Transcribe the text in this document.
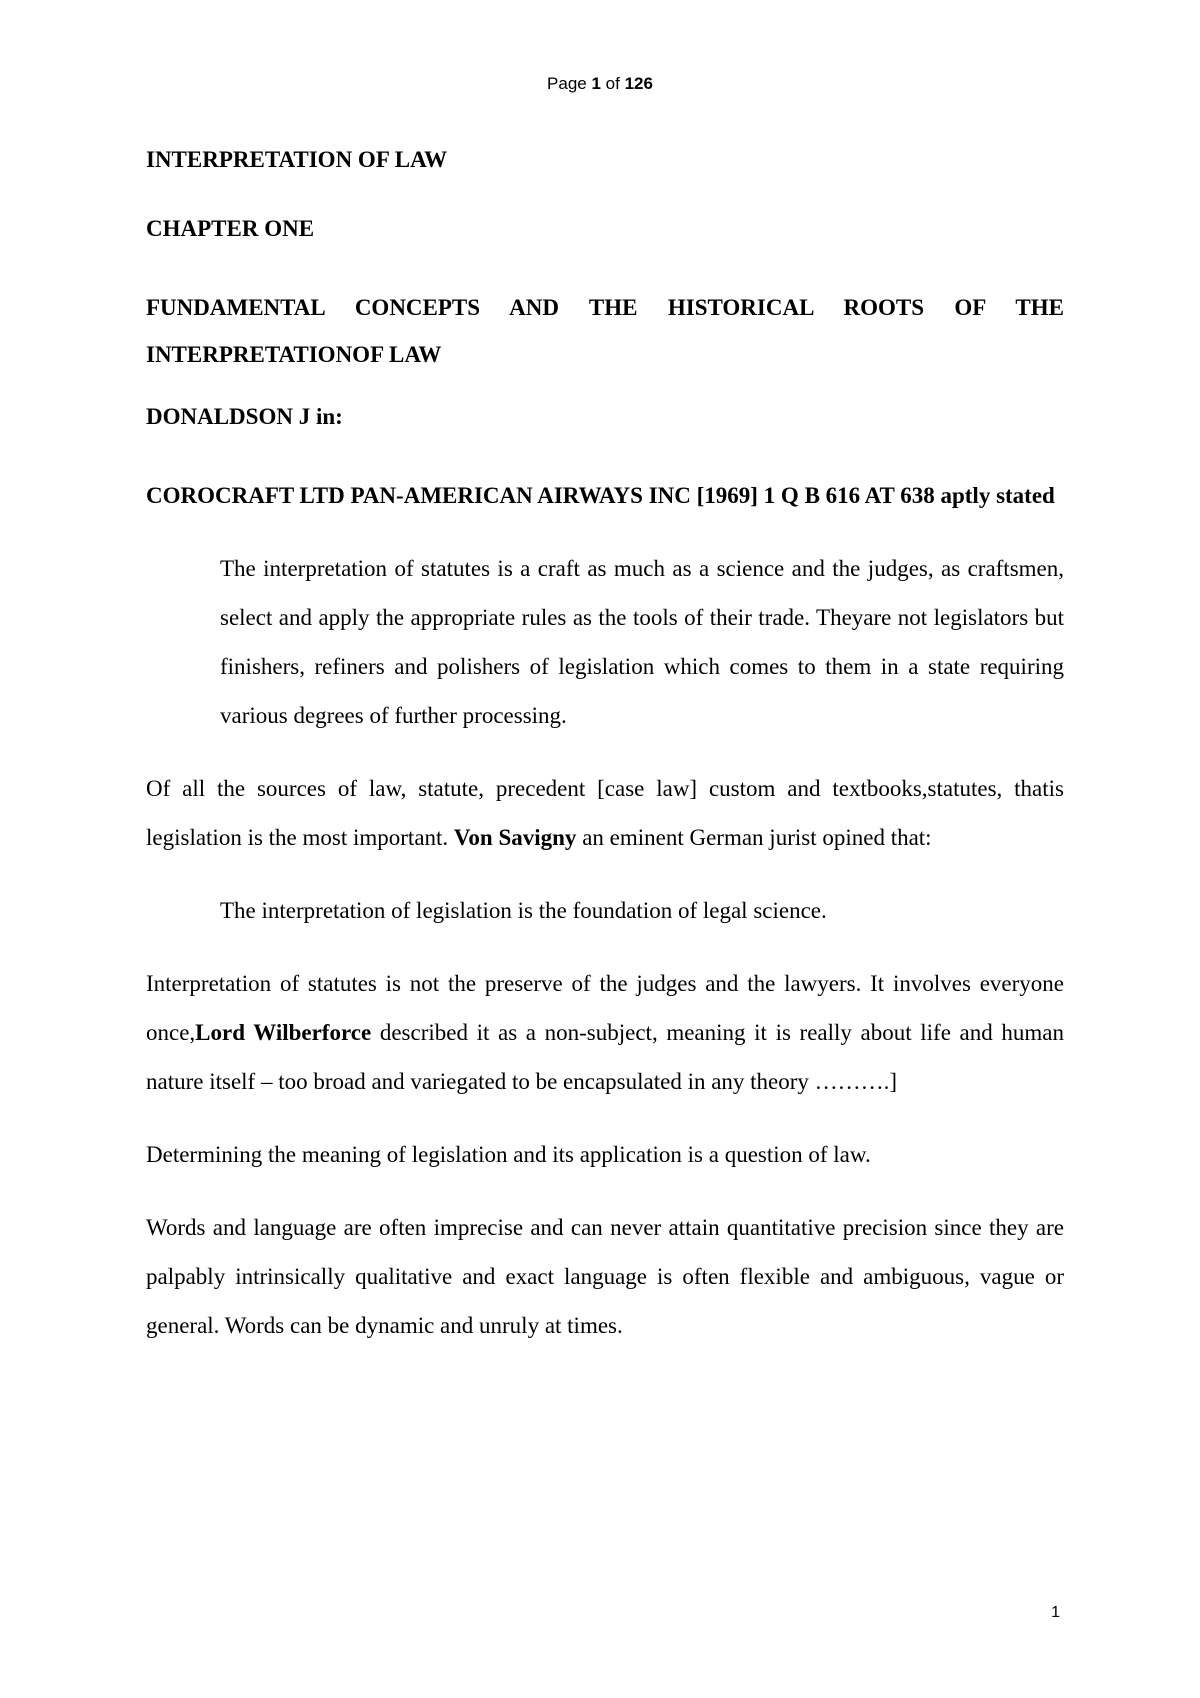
Page 1 of 126
INTERPRETATION OF LAW
CHAPTER ONE
FUNDAMENTAL CONCEPTS AND THE HISTORICAL ROOTS OF THE INTERPRETATIONOF LAW
DONALDSON J in:
COROCRAFT LTD PAN-AMERICAN AIRWAYS INC [1969] 1 Q B 616 AT 638 aptly stated
The interpretation of statutes is a craft as much as a science and the judges, as craftsmen, select and apply the appropriate rules as the tools of their trade. Theyare not legislators but finishers, refiners and polishers of legislation which comes to them in a state requiring various degrees of further processing.
Of all the sources of law, statute, precedent [case law] custom and textbooks,statutes, thatis legislation is the most important. Von Savigny an eminent German jurist opined that:
The interpretation of legislation is the foundation of legal science.
Interpretation of statutes is not the preserve of the judges and the lawyers. It involves everyone once,Lord Wilberforce described it as a non-subject, meaning it is really about life and human nature itself – too broad and variegated to be encapsulated in any theory ……….]
Determining the meaning of legislation and its application is a question of law.
Words and language are often imprecise and can never attain quantitative precision since they are palpably intrinsically qualitative and exact language is often flexible and ambiguous, vague or general. Words can be dynamic and unruly at times.
1
